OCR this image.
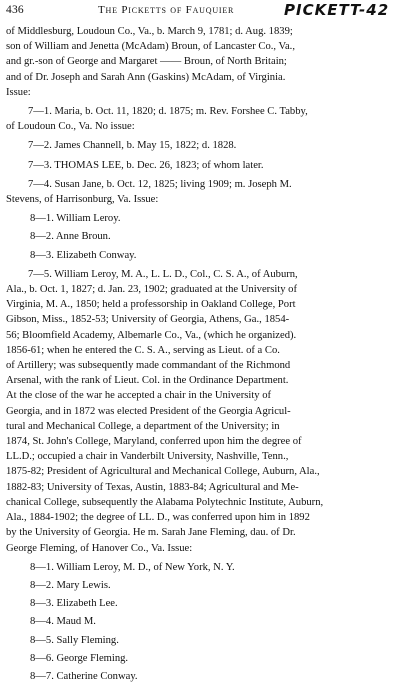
436	The Picketts of Fauquier	PICKETT-42

of Middlesburg, Loudoun Co., Va., b. March 9, 1781; d. Aug. 1839;
son of William and Jenetta (McAdam) Broun, of Lancaster Co., Va.,
and gr.-son of George and Margaret —— Broun, of North Britain;
and of Dr. Joseph and Sarah Ann (Gaskins) McAdam, of Virginia.
Issue:

7—1. Maria, b. Oct. 11, 1820; d. 1875; m. Rev. Forshee C. Tabby,
of Loudoun Co., Va. No issue:

7—2. James Channell, b. May 15, 1822; d. 1828.

7—3. THOMAS LEE, b. Dec. 26, 1823; of whom later.

7—4. Susan Jane, b. Oct. 12, 1825; living 1909; m. Joseph M.
Stevens, of Harrisonburg, Va. Issue:

8—1. William Leroy.
8—2. Anne Broun.
8—3. Elizabeth Conway.

7—5. William Leroy, M. A., L. L. D., Col., C. S. A., of Auburn,
Ala., b. Oct. 1, 1827; d. Jan. 23, 1902; graduated at the University of
Virginia, M. A., 1850; held a professorship in Oakland College, Port
Gibson, Miss., 1852-53; University of Georgia, Athens, Ga., 1854-
56; Bloomfield Academy, Albemarle Co., Va., (which he organized).
1856-61; when he entered the C. S. A., serving as Lieut. of a Co.
of Artillery; was subsequently made commandant of the Richmond
Arsenal, with the rank of Lieut. Col. in the Ordinance Department.
At the close of the war he accepted a chair in the University of
Georgia, and in 1872 was elected President of the Georgia Agricul-
tural and Mechanical College, a department of the University; in
1874, St. John's College, Maryland, conferred upon him the degree of
LL.D.; occupied a chair in Vanderbilt University, Nashville, Tenn.,
1875-82; President of Agricultural and Mechanical College, Auburn, Ala.,
1882-83; University of Texas, Austin, 1883-84; Agricultural and Me-
chanical College, subsequently the Alabama Polytechnic Institute, Auburn,
Ala., 1884-1902; the degree of LL. D., was conferred upon him in 1892
by the University of Georgia. He m. Sarah Jane Fleming, dau. of Dr.
George Fleming, of Hanover Co., Va. Issue:

8—1. William Leroy, M. D., of New York, N. Y.
8—2. Mary Lewis.
8—3. Elizabeth Lee.
8—4. Maud M.
8—5. Sally Fleming.
8—6. George Fleming.
8—7. Catherine Conway.
